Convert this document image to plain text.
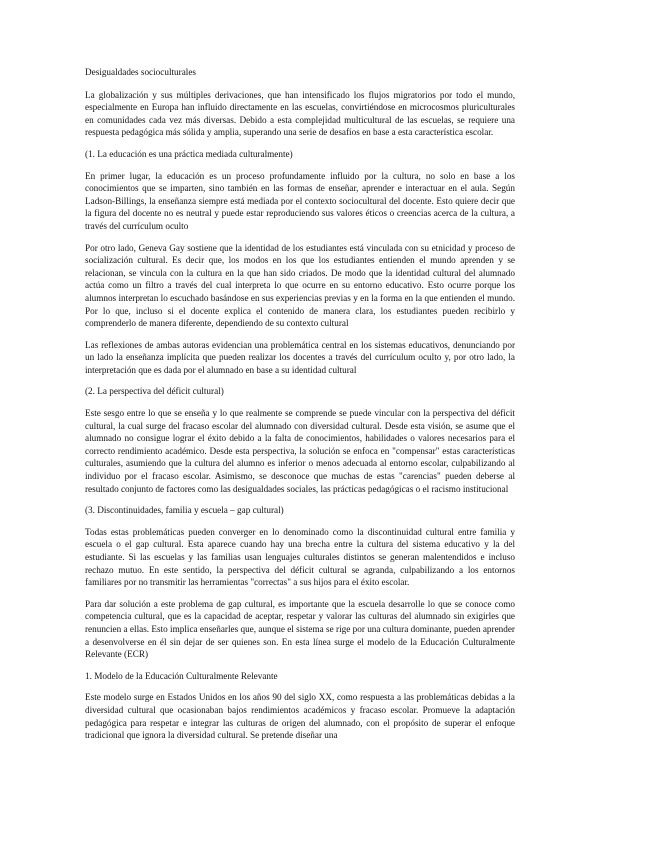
Desigualdades socioculturales

La globalización y sus múltiples derivaciones, que han intensificado los flujos migratorios por todo el mundo, especialmente en Europa han influido directamente en las escuelas, convirtiéndose en microcosmos pluriculturales en comunidades cada vez más diversas. Debido a esta complejidad multicultural de las escuelas, se requiere una respuesta pedagógica más sólida y amplia, superando una serie de desafíos en base a esta característica escolar.

(1. La educación es una práctica mediada culturalmente)

En primer lugar, la educación es un proceso profundamente influido por la cultura, no solo en base a los conocimientos que se imparten, sino también en las formas de enseñar, aprender e interactuar en el aula. Según Ladson-Billings, la enseñanza siempre está mediada por el contexto sociocultural del docente. Esto quiere decir que la figura del docente no es neutral y puede estar reproduciendo sus valores éticos o creencias acerca de la cultura, a través del currículum oculto

Por otro lado, Geneva Gay sostiene que la identidad de los estudiantes está vinculada con su etnicidad y proceso de socialización cultural. Es decir que, los modos en los que los estudiantes entienden el mundo aprenden y se relacionan, se vincula con la cultura en la que han sido criados. De modo que la identidad cultural del alumnado actúa como un filtro a través del cual interpreta lo que ocurre en su entorno educativo. Esto ocurre porque los alumnos interpretan lo escuchado basándose en sus experiencias previas y en la forma en la que entienden el mundo. Por lo que, incluso si el docente explica el contenido de manera clara, los estudiantes pueden recibirlo y comprenderlo de manera diferente, dependiendo de su contexto cultural

Las reflexiones de ambas autoras evidencian una problemática central en los sistemas educativos, denunciando por un lado la enseñanza implícita que pueden realizar los docentes a través del currículum oculto y, por otro lado, la interpretación que es dada por el alumnado en base a su identidad cultural

(2. La perspectiva del déficit cultural)

Este sesgo entre lo que se enseña y lo que realmente se comprende se puede vincular con la perspectiva del déficit cultural, la cual surge del fracaso escolar del alumnado con diversidad cultural. Desde esta visión, se asume que el alumnado no consigue lograr el éxito debido a la falta de conocimientos, habilidades o valores necesarios para el correcto rendimiento académico. Desde esta perspectiva, la solución se enfoca en "compensar" estas características culturales, asumiendo que la cultura del alumno es inferior o menos adecuada al entorno escolar, culpabilizando al individuo por el fracaso escolar. Asimismo, se desconoce que muchas de estas "carencias" pueden deberse al resultado conjunto de factores como las desigualdades sociales, las prácticas pedagógicas o el racismo institucional

(3. Discontinuidades, familia y escuela – gap cultural)

Todas estas problemáticas pueden converger en lo denominado como la discontinuidad cultural entre familia y escuela o el gap cultural. Esta aparece cuando hay una brecha entre la cultura del sistema educativo y la del estudiante. Si las escuelas y las familias usan lenguajes culturales distintos se generan malentendidos e incluso rechazo mutuo. En este sentido, la perspectiva del déficit cultural se agranda, culpabilizando a los entornos familiares por no transmitir las herramientas "correctas" a sus hijos para el éxito escolar.

Para dar solución a este problema de gap cultural, es importante que la escuela desarrolle lo que se conoce como competencia cultural, que es la capacidad de aceptar, respetar y valorar las culturas del alumnado sin exigirles que renuncien a ellas. Esto implica enseñarles que, aunque el sistema se rige por una cultura dominante, pueden aprender a desenvolverse en él sin dejar de ser quienes son. En esta línea surge el modelo de la Educación Culturalmente Relevante (ECR)

1. Modelo de la Educación Culturalmente Relevante

Este modelo surge en Estados Unidos en los años 90 del siglo XX, como respuesta a las problemáticas debidas a la diversidad cultural que ocasionaban bajos rendimientos académicos y fracaso escolar. Promueve la adaptación pedagógica para respetar e integrar las culturas de origen del alumnado, con el propósito de superar el enfoque tradicional que ignora la diversidad cultural. Se pretende diseñar una
